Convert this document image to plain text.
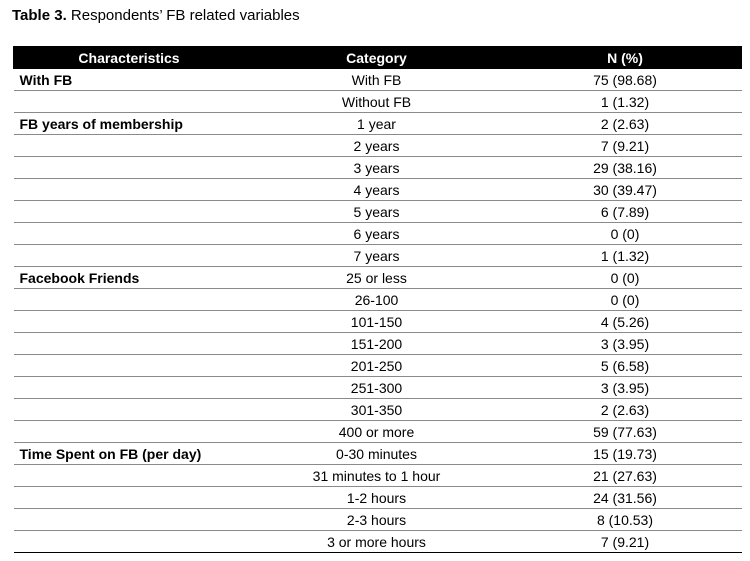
Table 3. Respondents’ FB related variables
Characteristics	Category	N (%)
With FB	With FB	75 (98.68)
	Without FB	1 (1.32)
FB years of membership	1 year	2 (2.63)
	2 years	7 (9.21)
	3 years	29 (38.16)
	4 years	30 (39.47)
	5 years	6 (7.89)
	6 years	0 (0)
	7 years	1 (1.32)
Facebook Friends	25 or less	0 (0)
	26-100	0 (0)
	101-150	4 (5.26)
	151-200	3 (3.95)
	201-250	5 (6.58)
	251-300	3 (3.95)
	301-350	2 (2.63)
	400 or more	59 (77.63)
Time Spent on FB (per day)	0-30 minutes	15 (19.73)
	31 minutes to 1 hour	21 (27.63)
	1-2 hours	24 (31.56)
	2-3 hours	8 (10.53)
	3 or more hours	7 (9.21)
